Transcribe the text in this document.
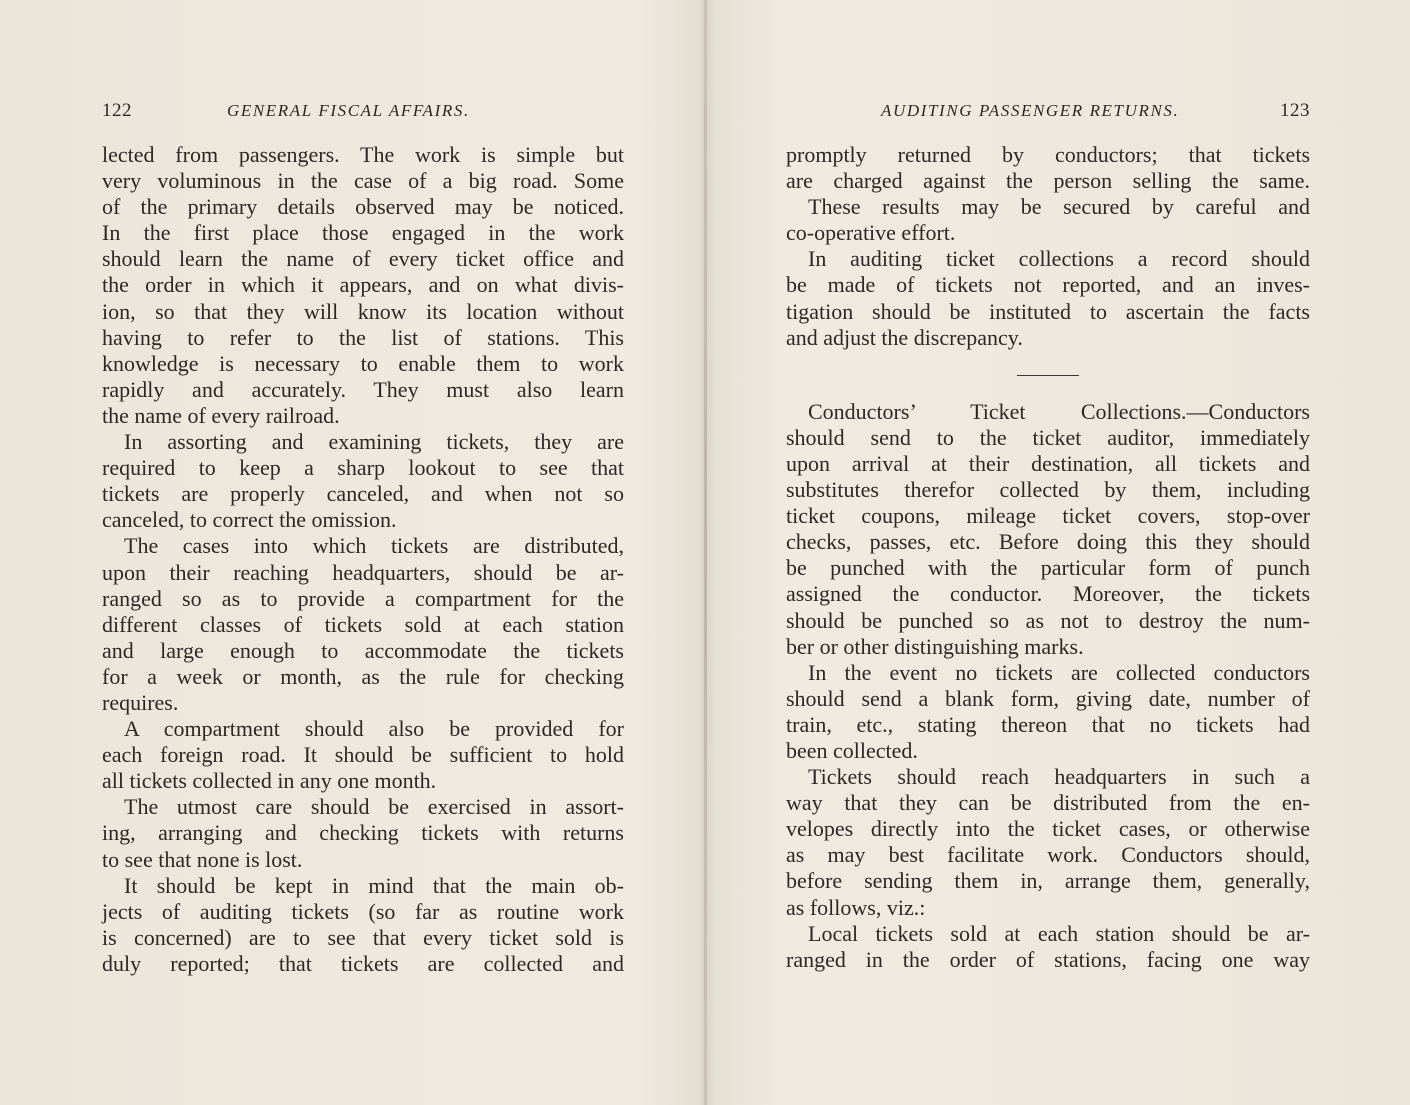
122	GENERAL FISCAL AFFAIRS.
lected from passengers. The work is simple but
very voluminous in the case of a big road. Some
of the primary details observed may be noticed.
In the first place those engaged in the work
should learn the name of every ticket office and
the order in which it appears, and on what divis-
ion, so that they will know its location without
having to refer to the list of stations. This
knowledge is necessary to enable them to work
rapidly and accurately. They must also learn
the name of every railroad.
In assorting and examining tickets, they are
required to keep a sharp lookout to see that
tickets are properly canceled, and when not so
canceled, to correct the omission.
The cases into which tickets are distributed,
upon their reaching headquarters, should be ar-
ranged so as to provide a compartment for the
different classes of tickets sold at each station
and large enough to accommodate the tickets
for a week or month, as the rule for checking
requires.
A compartment should also be provided for
each foreign road. It should be sufficient to hold
all tickets collected in any one month.
The utmost care should be exercised in assort-
ing, arranging and checking tickets with returns
to see that none is lost.
It should be kept in mind that the main ob-
jects of auditing tickets (so far as routine work
is concerned) are to see that every ticket sold is
duly reported; that tickets are collected and
AUDITING PASSENGER RETURNS.	123
promptly returned by conductors; that tickets
are charged against the person selling the same.
These results may be secured by careful and
co-operative effort.
In auditing ticket collections a record should
be made of tickets not reported, and an inves-
tigation should be instituted to ascertain the facts
and adjust the discrepancy.
Conductors’ Ticket Collections.—Conductors
should send to the ticket auditor, immediately
upon arrival at their destination, all tickets and
substitutes therefor collected by them, including
ticket coupons, mileage ticket covers, stop-over
checks, passes, etc. Before doing this they should
be punched with the particular form of punch
assigned the conductor. Moreover, the tickets
should be punched so as not to destroy the num-
ber or other distinguishing marks.
In the event no tickets are collected conductors
should send a blank form, giving date, number of
train, etc., stating thereon that no tickets had
been collected.
Tickets should reach headquarters in such a
way that they can be distributed from the en-
velopes directly into the ticket cases, or otherwise
as may best facilitate work. Conductors should,
before sending them in, arrange them, generally,
as follows, viz.:
Local tickets sold at each station should be ar-
ranged in the order of stations, facing one way
